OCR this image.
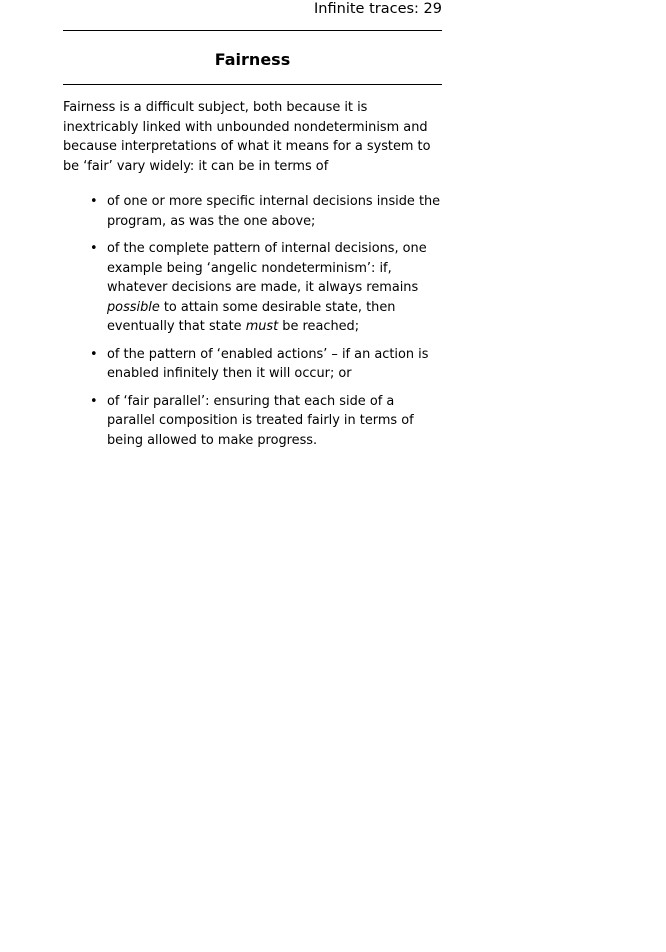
Infinite traces: 29
Fairness

Fairness is a difficult subject, both because it is inextricably linked with unbounded nondeterminism and because interpretations of what it means for a system to be ‘fair’ vary widely: it can be in terms of

• of one or more specific internal decisions inside the program, as was the one above;
• of the complete pattern of internal decisions, one example being ‘angelic nondeterminism’: if, whatever decisions are made, it always remains possible to attain some desirable state, then eventually that state must be reached;
• of the pattern of ‘enabled actions’ – if an action is enabled infinitely then it will occur; or
• of ‘fair parallel’: ensuring that each side of a parallel composition is treated fairly in terms of being allowed to make progress.
